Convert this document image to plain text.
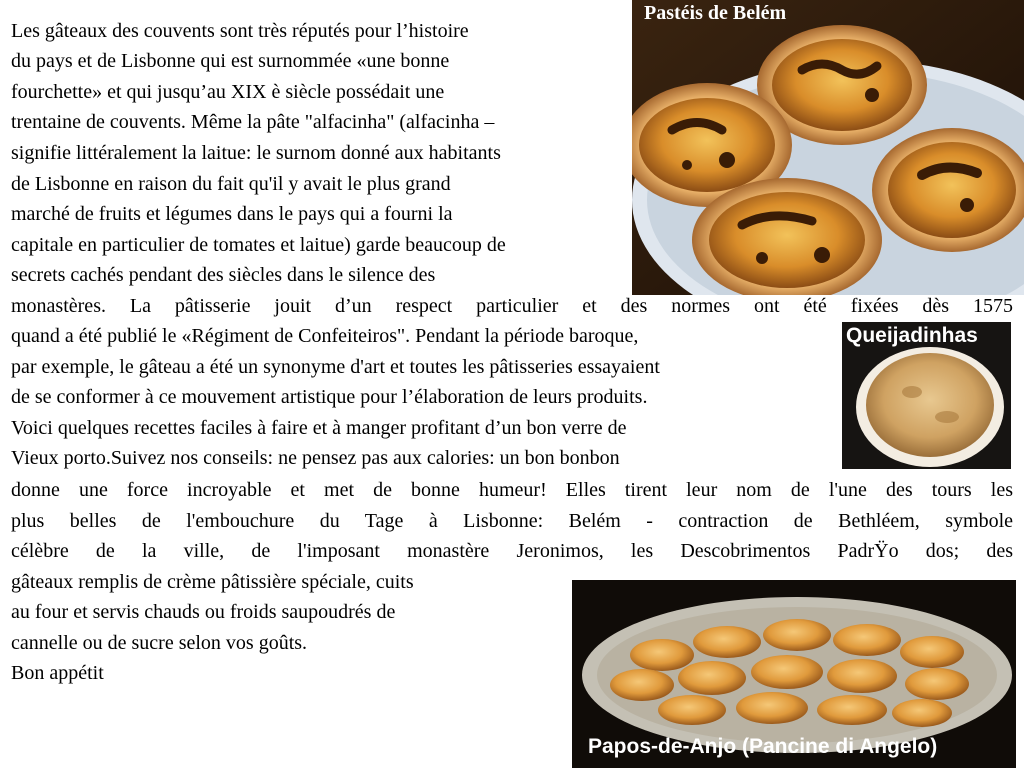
Les gâteaux des couvents sont très réputés pour l’histoire
du pays et de Lisbonne qui est surnommée «une bonne
fourchette» et qui jusqu’au XIX è siècle possédait une
trentaine de couvents. Même la pâte "alfacinha" (alfacinha –
signifie littéralement la laitue: le surnom donné aux habitants
de Lisbonne en raison du fait qu'il y avait le plus grand
marché de fruits et légumes dans le pays qui a fourni la
capitale en particulier de tomates et laitue) garde beaucoup de
secrets cachés pendant des siècles dans le silence des
monastères. La pâtisserie jouit d’un respect particulier et des normes ont été fixées dès 1575
quand a été publié le «Régiment de Confeiteiros". Pendant la période baroque,
par exemple, le gâteau a été un synonyme d'art et toutes les pâtisseries essayaient
de se conformer à ce mouvement artistique pour l’élaboration de leurs produits.
Voici quelques recettes faciles à faire et à manger profitant d’un bon verre de
Vieux porto.Suivez nos conseils: ne pensez pas aux calories: un bon bonbon
donne une force incroyable et met de bonne humeur! Elles tirent leur nom de l'une des tours les
plus belles de l'embouchure du Tage à Lisbonne: Belém - contraction de Bethléem, symbole
célèbre de la ville, de l'imposant monastère Jeronimos, les Descobrimentos PadrŸo dos; des
gâteaux remplis de crème pâtissière spéciale, cuits
au four et servis chauds ou froids saupoudrés de
cannelle ou de sucre selon vos goûts.
Bon appétit
Pastéis de Belém
Queijadinhas
Papos-de-Anjo (Pancine di Angelo)
